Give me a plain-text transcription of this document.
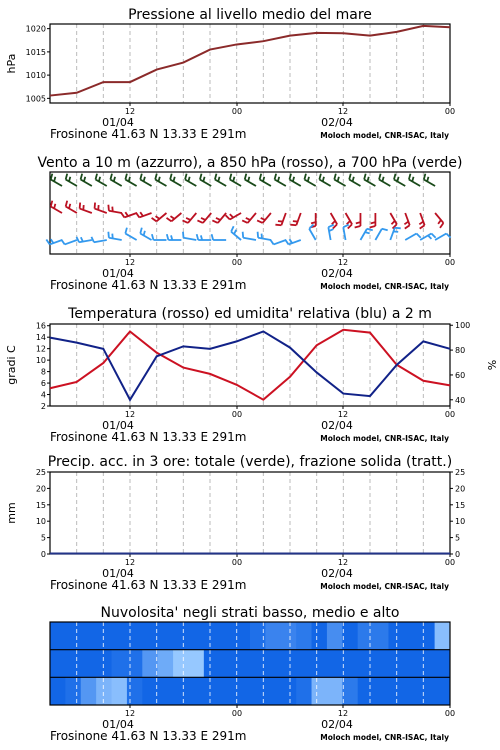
Pressione al livello medio del mare
1005
1010
1015
1020
hPa
12	00	12	00
01/04	02/04
Frosinone 41.63 N 13.33 E 291m	Moloch model, CNR-ISAC, Italy
Vento a 10 m (azzurro), a 850 hPa (rosso), a 700 hPa (verde)
12	00	12	00
01/04	02/04
Frosinone 41.63 N 13.33 E 291m	Moloch model, CNR-ISAC, Italy
Temperatura (rosso) ed umidita' relativa (blu) a 2 m
2
4
6
8
10
12
14
16
40
60
80
100
gradi C	%
12	00	12	00
01/04	02/04
Frosinone 41.63 N 13.33 E 291m	Moloch model, CNR-ISAC, Italy
Precip. acc. in 3 ore: totale (verde), frazione solida (tratt.)
0	0
5	5
10	10
15	15
20	20
25	25
mm
12	00	12	00
01/04	02/04
Frosinone 41.63 N 13.33 E 291m	Moloch model, CNR-ISAC, Italy
Nuvolosita' negli strati basso, medio e alto
12	00	12	00
01/04	02/04
Frosinone 41.63 N 13.33 E 291m	Moloch model, CNR-ISAC, Italy
